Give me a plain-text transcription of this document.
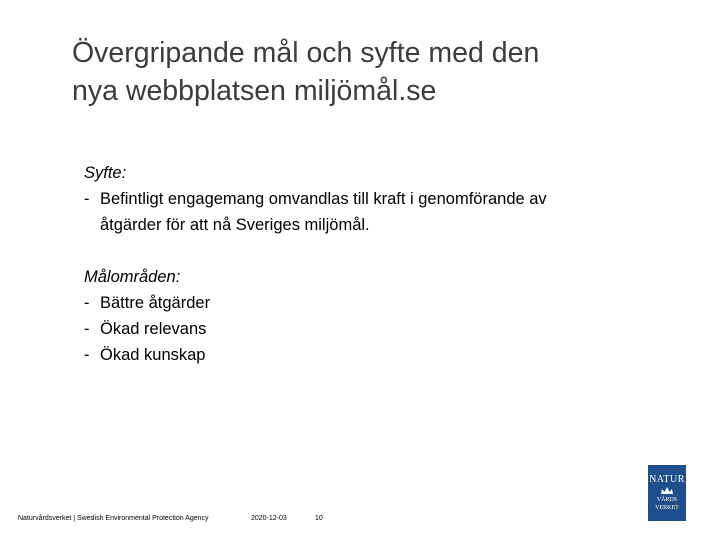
Övergripande mål och syfte med den
nya webbplatsen miljömål.se
Syfte:
- Befintligt engagemang omvandlas till kraft i genomförande av
åtgärder för att nå Sveriges miljömål.
Målområden:
- Bättre åtgärder
- Ökad relevans
- Ökad kunskap
NATUR
VÅRDS
VERKET
Naturvårdsverket | Swedish Environmental Protection Agency	2020-12-03	10
